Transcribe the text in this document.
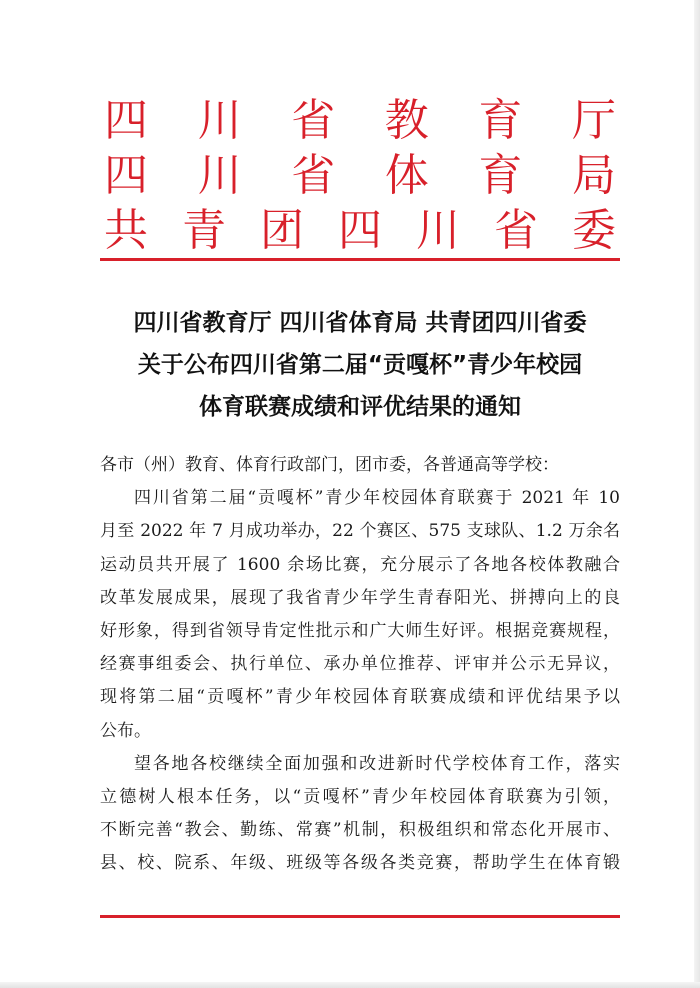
四 川 省 教 育 厅
四 川 省 体 育 局
共 青 团 四 川 省 委
四川省教育厅 四川省体育局 共青团四川省委
关于公布四川省第二届“贡嘎杯”青少年校园
体育联赛成绩和评优结果的通知
各市（州）教育、体育行政部门，团市委，各普通高等学校：
四川省第二届“贡嘎杯”青少年校园体育联赛于 2021 年 10
月至 2022 年 7 月成功举办，22 个赛区、575 支球队、1.2 万余名
运动员共开展了 1600 余场比赛，充分展示了各地各校体教融合
改革发展成果，展现了我省青少年学生青春阳光、拼搏向上的良
好形象，得到省领导肯定性批示和广大师生好评。根据竞赛规程，
经赛事组委会、执行单位、承办单位推荐、评审并公示无异议，
现将第二届“贡嘎杯”青少年校园体育联赛成绩和评优结果予以
公布。
望各地各校继续全面加强和改进新时代学校体育工作，落实
立德树人根本任务，以“贡嘎杯”青少年校园体育联赛为引领，
不断完善“教会、勤练、常赛”机制，积极组织和常态化开展市、
县、校、院系、年级、班级等各级各类竞赛，帮助学生在体育锻
